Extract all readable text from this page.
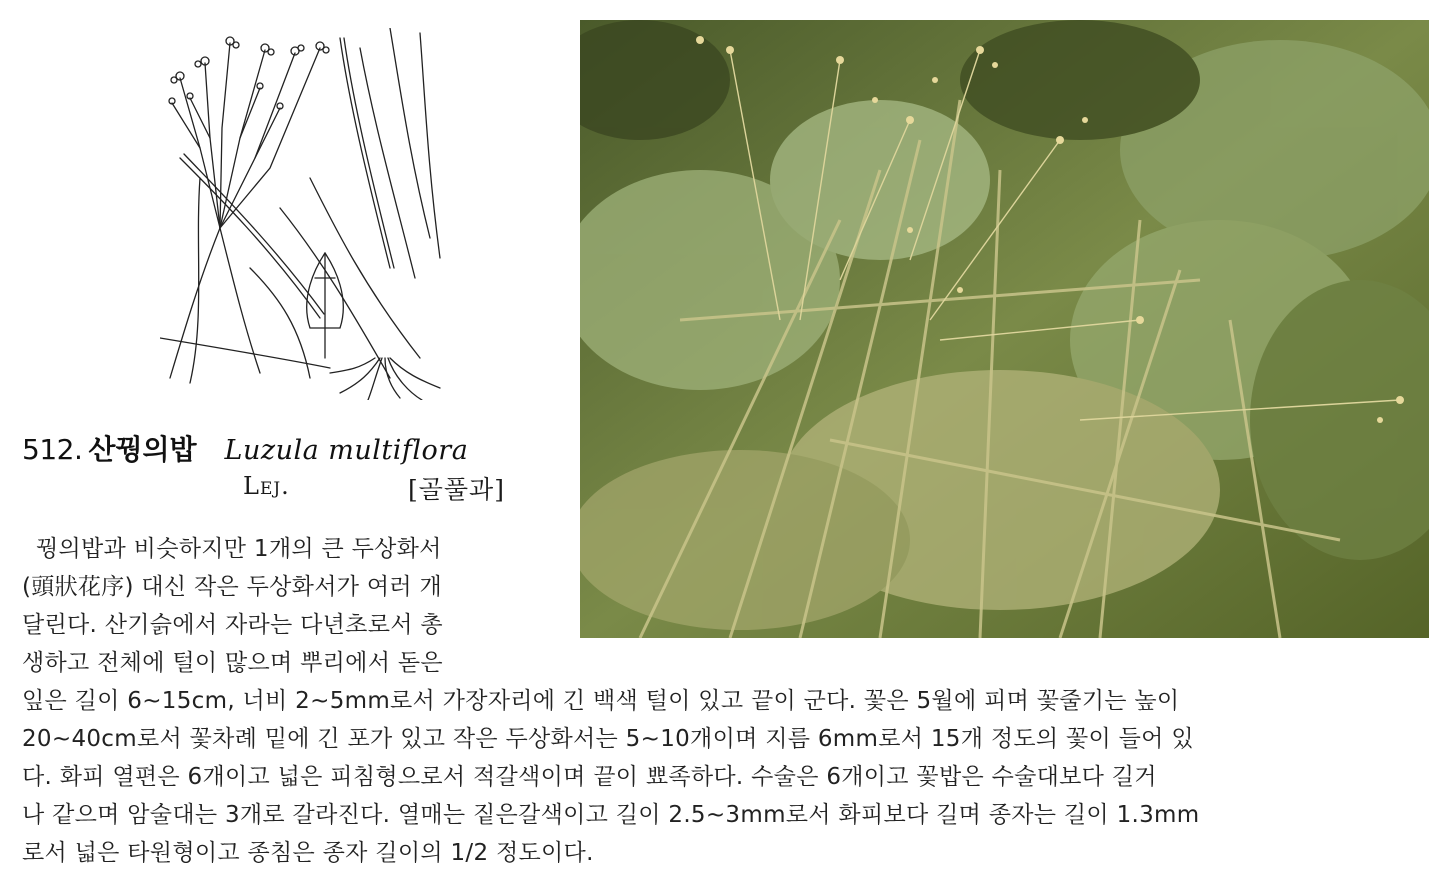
512. 산꿩의밥 Luzula multiflora
Lej.	[골풀과]
꿩의밥과 비슷하지만 1개의 큰 두상화서
(頭狀花序) 대신 작은 두상화서가 여러 개
달린다. 산기슭에서 자라는 다년초로서 총
생하고 전체에 털이 많으며 뿌리에서 돋은
잎은 길이 6~15cm, 너비 2~5mm로서 가장자리에 긴 백색 털이 있고 끝이 군다. 꽃은 5월에 피며 꽃줄기는 높이
20~40cm로서 꽃차례 밑에 긴 포가 있고 작은 두상화서는 5~10개이며 지름 6mm로서 15개 정도의 꽃이 들어 있
다. 화피 열편은 6개이고 넓은 피침형으로서 적갈색이며 끝이 뾰족하다. 수술은 6개이고 꽃밥은 수술대보다 길거
나 같으며 암술대는 3개로 갈라진다. 열매는 짙은갈색이고 길이 2.5~3mm로서 화피보다 길며 종자는 길이 1.3mm
로서 넓은 타원형이고 종침은 종자 길이의 1/2 정도이다.
